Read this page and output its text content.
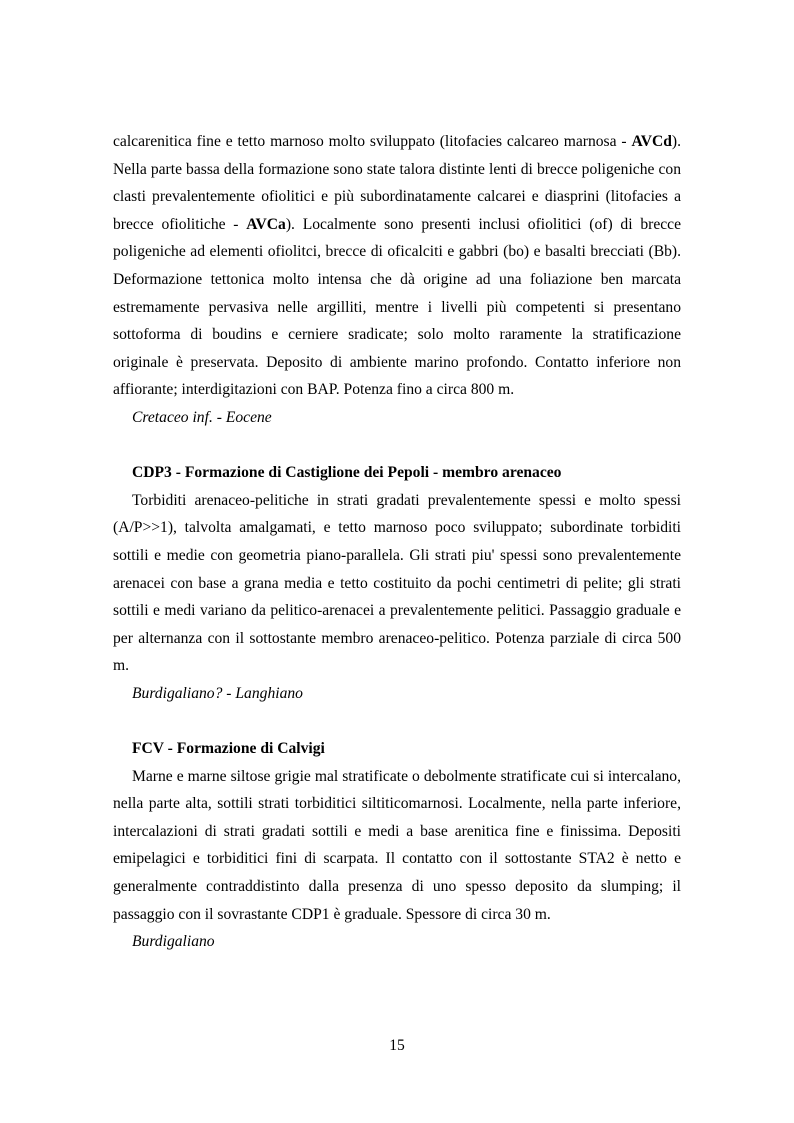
calcarenitica fine e tetto marnoso molto sviluppato (litofacies calcareo marnosa - AVCd). Nella parte bassa della formazione sono state talora distinte lenti di brecce poligeniche con clasti prevalentemente ofiolitici e più subordinatamente calcarei e diasprini (litofacies a brecce ofiolitiche - AVCa). Localmente sono presenti inclusi ofiolitici (of) di brecce poligeniche ad elementi ofiolitci, brecce di oficalciti e gabbri (bo) e basalti brecciati (Bb). Deformazione tettonica molto intensa che dà origine ad una foliazione ben marcata estremamente pervasiva nelle argilliti, mentre i livelli più competenti si presentano sottoforma di boudins e cerniere sradicate; solo molto raramente la stratificazione originale è preservata. Deposito di ambiente marino profondo. Contatto inferiore non affiorante; interdigitazioni con BAP. Potenza fino a circa 800 m.

Cretaceo inf. - Eocene

CDP3 - Formazione di Castiglione dei Pepoli - membro arenaceo

Torbiditi arenaceo-pelitiche in strati gradati prevalentemente spessi e molto spessi (A/P>>1), talvolta amalgamati, e tetto marnoso poco sviluppato; subordinate torbiditi sottili e medie con geometria piano-parallela. Gli strati piu' spessi sono prevalentemente arenacei con base a grana media e tetto costituito da pochi centimetri di pelite; gli strati sottili e medi variano da pelitico-arenacei a prevalentemente pelitici. Passaggio graduale e per alternanza con il sottostante membro arenaceo-pelitico. Potenza parziale di circa 500 m.

Burdigaliano? - Langhiano

FCV - Formazione di Calvigi

Marne e marne siltose grigie mal stratificate o debolmente stratificate cui si intercalano, nella parte alta, sottili strati torbiditici siltiticomarnosi. Localmente, nella parte inferiore, intercalazioni di strati gradati sottili e medi a base arenitica fine e finissima. Depositi emipelagici e torbiditici fini di scarpata. Il contatto con il sottostante STA2 è netto e generalmente contraddistinto dalla presenza di uno spesso deposito da slumping; il passaggio con il sovrastante CDP1 è graduale. Spessore di circa 30 m.

Burdigaliano

15
